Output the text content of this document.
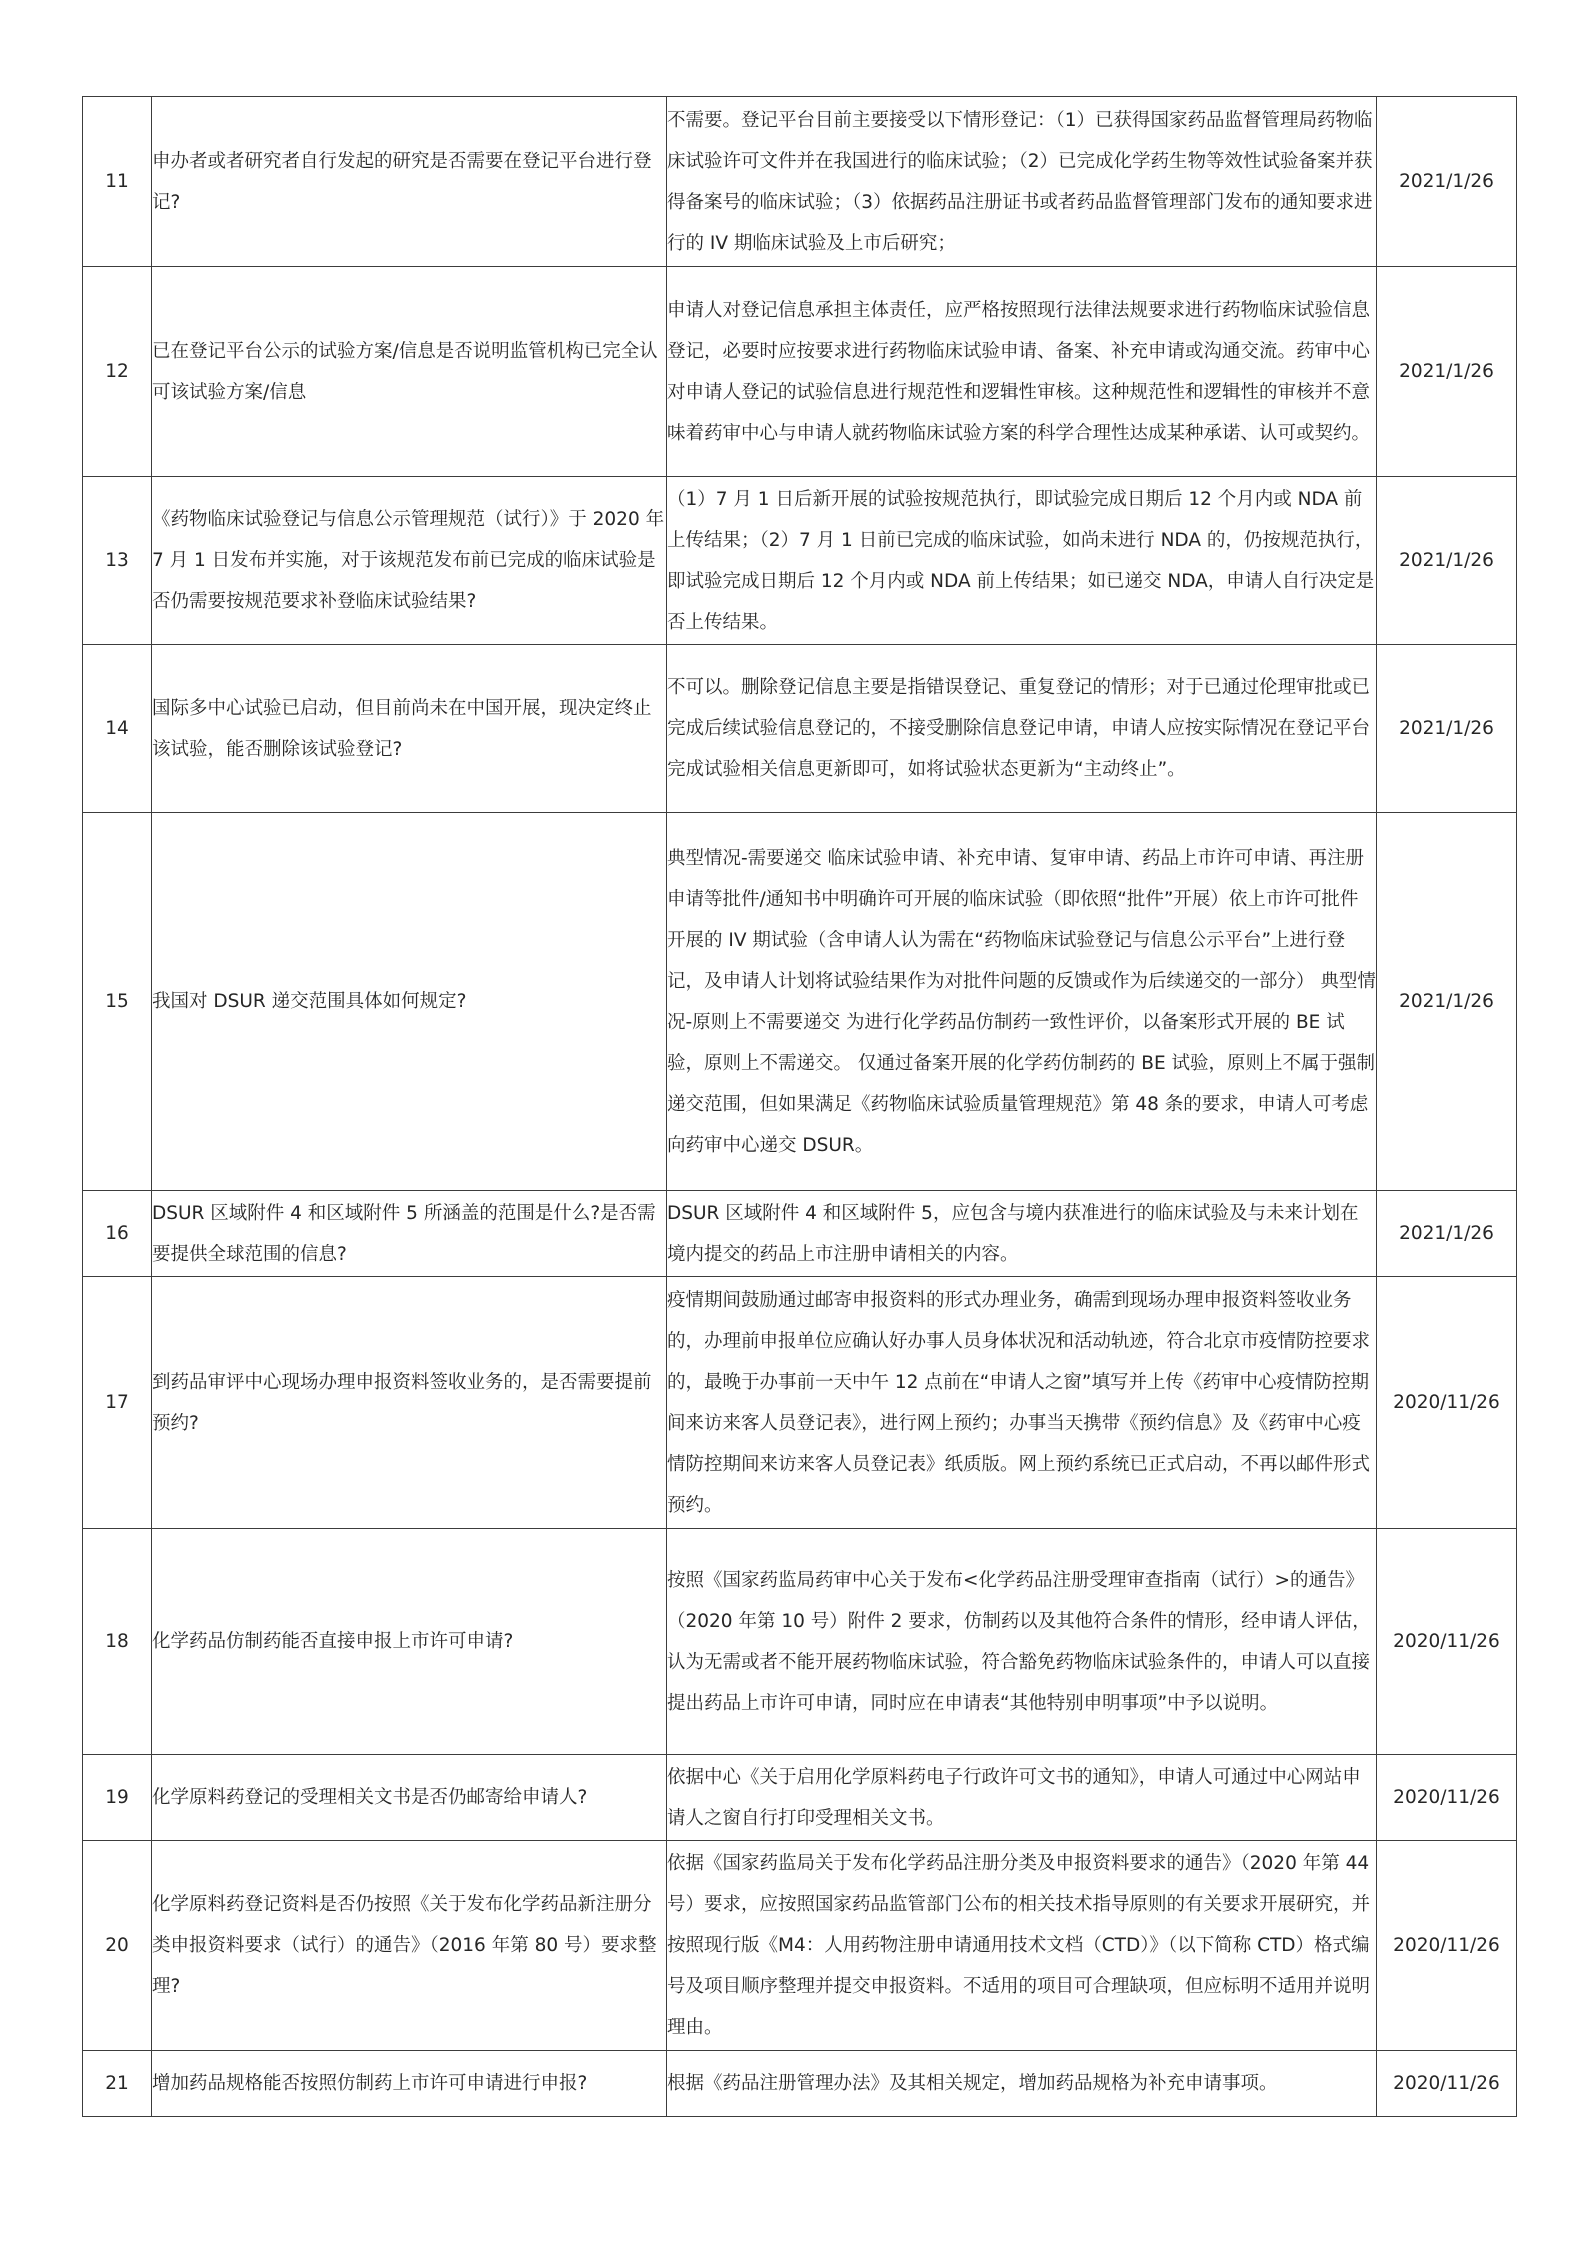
11	申办者或者研究者自行发起的研究是否需要在登记平台进行登记?	不需要。登记平台目前主要接受以下情形登记：（1）已获得国家药品监督管理局药物临床试验许可文件并在我国进行的临床试验；（2）已完成化学药生物等效性试验备案并获得备案号的临床试验；（3）依据药品注册证书或者药品监督管理部门发布的通知要求进行的 IV 期临床试验及上市后研究；	2021/1/26
12	已在登记平台公示的试验方案/信息是否说明监管机构已完全认可该试验方案/信息	申请人对登记信息承担主体责任，应严格按照现行法律法规要求进行药物临床试验信息登记，必要时应按要求进行药物临床试验申请、备案、补充申请或沟通交流。药审中心对申请人登记的试验信息进行规范性和逻辑性审核。这种规范性和逻辑性的审核并不意味着药审中心与申请人就药物临床试验方案的科学合理性达成某种承诺、认可或契约。	2021/1/26
13	《药物临床试验登记与信息公示管理规范（试行）》于 2020 年 7 月 1 日发布并实施，对于该规范发布前已完成的临床试验是否仍需要按规范要求补登临床试验结果?	（1）7 月 1 日后新开展的试验按规范执行，即试验完成日期后 12 个月内或 NDA 前上传结果；（2）7 月 1 日前已完成的临床试验，如尚未进行 NDA 的，仍按规范执行，即试验完成日期后 12 个月内或 NDA 前上传结果；如已递交 NDA，申请人自行决定是否上传结果。	2021/1/26
14	国际多中心试验已启动，但目前尚未在中国开展，现决定终止该试验，能否删除该试验登记?	不可以。删除登记信息主要是指错误登记、重复登记的情形；对于已通过伦理审批或已完成后续试验信息登记的，不接受删除信息登记申请，申请人应按实际情况在登记平台完成试验相关信息更新即可，如将试验状态更新为“主动终止”。	2021/1/26
15	我国对 DSUR 递交范围具体如何规定?	典型情况-需要递交 临床试验申请、补充申请、复审申请、药品上市许可申请、再注册申请等批件/通知书中明确许可开展的临床试验（即依照“批件”开展）依上市许可批件开展的 IV 期试验（含申请人认为需在“药物临床试验登记与信息公示平台”上进行登记，及申请人计划将试验结果作为对批件问题的反馈或作为后续递交的一部分） 典型情况-原则上不需要递交 为进行化学药品仿制药一致性评价，以备案形式开展的 BE 试验，原则上不需递交。 仅通过备案开展的化学药仿制药的 BE 试验，原则上不属于强制递交范围，但如果满足《药物临床试验质量管理规范》第 48 条的要求，申请人可考虑向药审中心递交 DSUR。	2021/1/26
16	DSUR 区域附件 4 和区域附件 5 所涵盖的范围是什么?是否需要提供全球范围的信息?	DSUR 区域附件 4 和区域附件 5，应包含与境内获准进行的临床试验及与未来计划在境内提交的药品上市注册申请相关的内容。	2021/1/26
17	到药品审评中心现场办理申报资料签收业务的，是否需要提前预约?	疫情期间鼓励通过邮寄申报资料的形式办理业务，确需到现场办理申报资料签收业务的，办理前申报单位应确认好办事人员身体状况和活动轨迹，符合北京市疫情防控要求的，最晚于办事前一天中午 12 点前在“申请人之窗”填写并上传《药审中心疫情防控期间来访来客人员登记表》，进行网上预约；办事当天携带《预约信息》及《药审中心疫情防控期间来访来客人员登记表》纸质版。网上预约系统已正式启动，不再以邮件形式预约。	2020/11/26
18	化学药品仿制药能否直接申报上市许可申请?	按照《国家药监局药审中心关于发布<化学药品注册受理审查指南（试行）>的通告》（2020 年第 10 号）附件 2 要求，仿制药以及其他符合条件的情形，经申请人评估，认为无需或者不能开展药物临床试验，符合豁免药物临床试验条件的，申请人可以直接提出药品上市许可申请，同时应在申请表“其他特别申明事项”中予以说明。	2020/11/26
19	化学原料药登记的受理相关文书是否仍邮寄给申请人?	依据中心《关于启用化学原料药电子行政许可文书的通知》，申请人可通过中心网站申请人之窗自行打印受理相关文书。	2020/11/26
20	化学原料药登记资料是否仍按照《关于发布化学药品新注册分类申报资料要求（试行）的通告》（2016 年第 80 号）要求整理?	依据《国家药监局关于发布化学药品注册分类及申报资料要求的通告》（2020 年第 44 号）要求，应按照国家药品监管部门公布的相关技术指导原则的有关要求开展研究，并按照现行版《M4：人用药物注册申请通用技术文档（CTD）》（以下简称 CTD）格式编号及项目顺序整理并提交申报资料。不适用的项目可合理缺项，但应标明不适用并说明理由。	2020/11/26
21	增加药品规格能否按照仿制药上市许可申请进行申报?	根据《药品注册管理办法》及其相关规定，增加药品规格为补充申请事项。	2020/11/26
